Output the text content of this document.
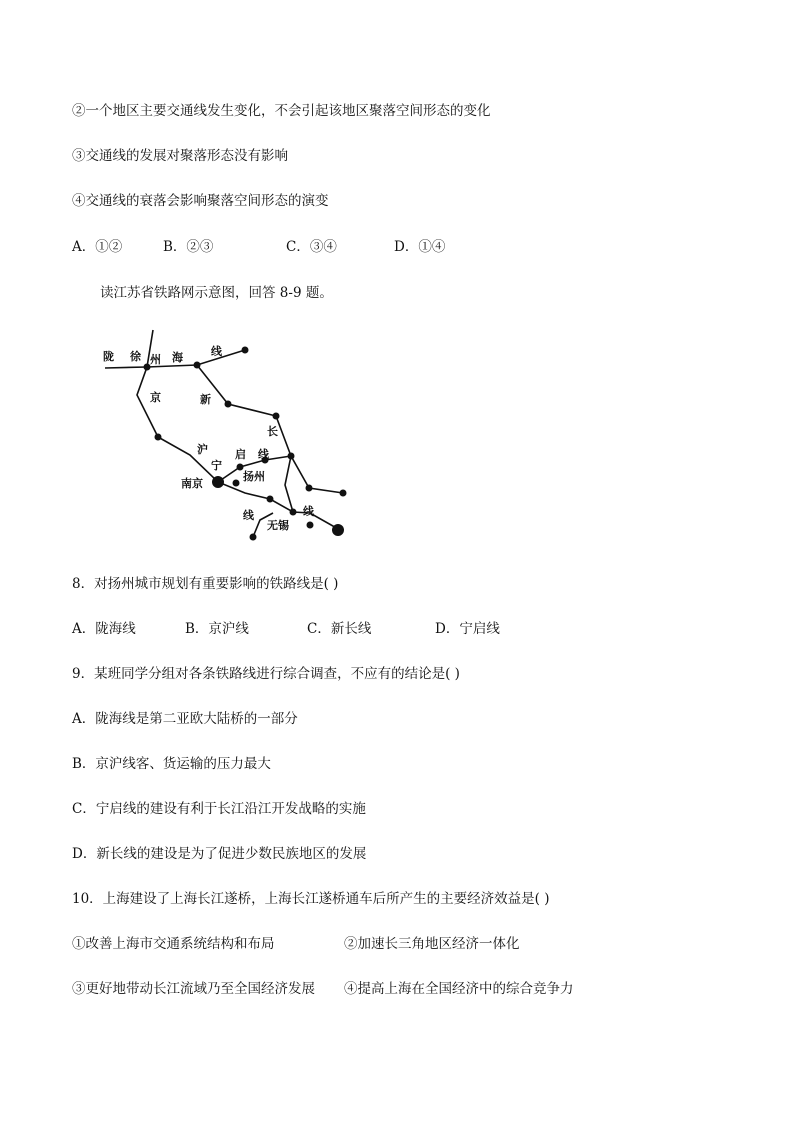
②一个地区主要交通线发生变化，不会引起该地区聚落空间形态的变化
③交通线的发展对聚落形态没有影响
④交通线的衰落会影响聚落空间形态的演变
A．①②	B．②③	C．③④	D．①④
读江苏省铁路网示意图，回答 8-9 题。
陇 徐 州 海	线
京	新
长
沪
宁
启 线
南京
扬州
线	线
无锡
8．对扬州城市规划有重要影响的铁路线是( )
A．陇海线	B．京沪线	C．新长线	D．宁启线
9．某班同学分组对各条铁路线进行综合调查，不应有的结论是( )
A．陇海线是第二亚欧大陆桥的一部分
B．京沪线客、货运输的压力最大
C．宁启线的建设有利于长江沿江开发战略的实施
D．新长线的建设是为了促进少数民族地区的发展
10．上海建设了上海长江遂桥，上海长江遂桥通车后所产生的主要经济效益是( )
①改善上海市交通系统结构和布局	②加速长三角地区经济一体化
③更好地带动长江流域乃至全国经济发展 ④提高上海在全国经济中的综合竞争力
